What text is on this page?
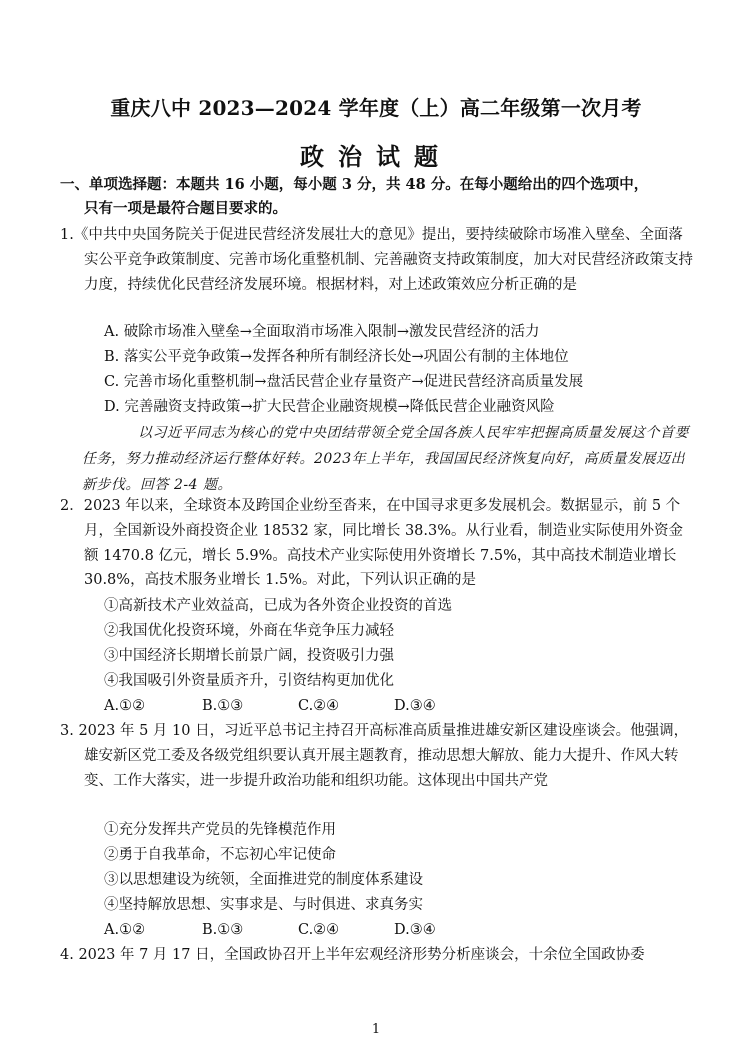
重庆八中 2023—2024 学年度（上）高二年级第一次月考
政治试题
一、单项选择题：本题共 16 小题，每小题 3 分，共 48 分。在每小题给出的四个选项中，
只有一项是最符合题目要求的。

1.《中共中央国务院关于促进民营经济发展壮大的意见》提出，要持续破除市场准入壁垒、全面落实公平竞争政策制度、完善市场化重整机制、完善融资支持政策制度，加大对民营经济政策支持力度，持续优化民营经济发展环境。根据材料，对上述政策效应分析正确的是

A. 破除市场准入壁垒→全面取消市场准入限制→激发民营经济的活力
B. 落实公平竞争政策→发挥各种所有制经济长处→巩固公有制的主体地位
C. 完善市场化重整机制→盘活民营企业存量资产→促进民营经济高质量发展
D. 完善融资支持政策→扩大民营企业融资规模→降低民营企业融资风险

以习近平同志为核心的党中央团结带领全党全国各族人民牢牢把握高质量发展这个首要任务，努力推动经济运行整体好转。2023年上半年，我国国民经济恢复向好，高质量发展迈出新步伐。回答 2-4 题。

2．2023 年以来，全球资本及跨国企业纷至沓来，在中国寻求更多发展机会。数据显示，前 5 个月，全国新设外商投资企业 18532 家，同比增长 38.3%。从行业看，制造业实际使用外资金额 1470.8 亿元，增长 5.9%。高技术产业实际使用外资增长 7.5%，其中高技术制造业增长 30.8%，高技术服务业增长 1.5%。对此，下列认识正确的是

①高新技术产业效益高，已成为各外资企业投资的首选
②我国优化投资环境，外商在华竞争压力减轻
③中国经济长期增长前景广阔，投资吸引力强
④我国吸引外资量质齐升，引资结构更加优化
A.①②	B.①③	C.②④	D.③④

3. 2023 年 5 月 10 日，习近平总书记主持召开高标准高质量推进雄安新区建设座谈会。他强调，雄安新区党工委及各级党组织要认真开展主题教育，推动思想大解放、能力大提升、作风大转变、工作大落实，进一步提升政治功能和组织功能。这体现出中国共产党

①充分发挥共产党员的先锋模范作用
②勇于自我革命，不忘初心牢记使命
③以思想建设为统领，全面推进党的制度体系建设
④坚持解放思想、实事求是、与时俱进、求真务实
A.①②	B.①③	C.②④	D.③④
4. 2023 年 7 月 17 日，全国政协召开上半年宏观经济形势分析座谈会，十余位全国政协委
1
